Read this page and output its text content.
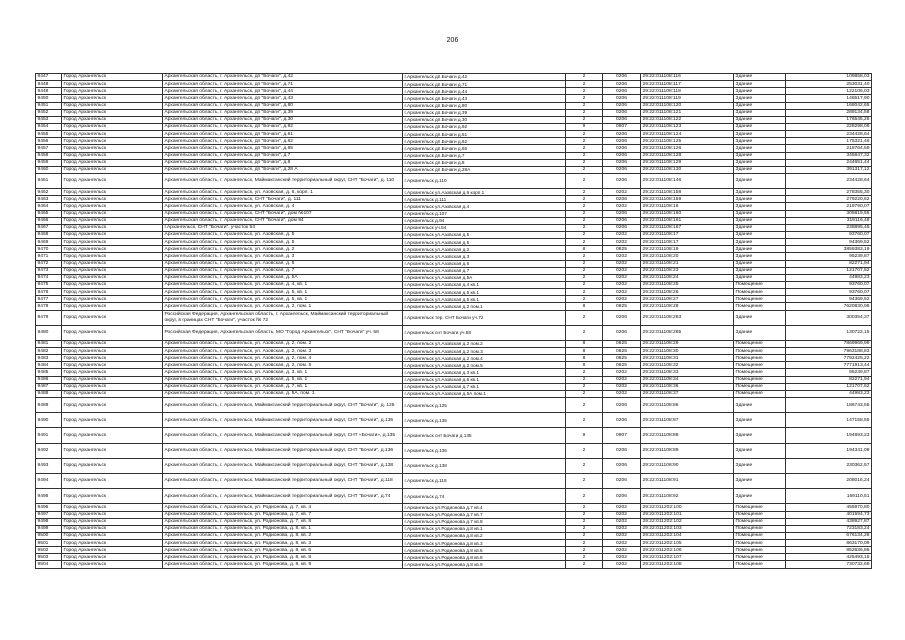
206
9447	Город Архангельск	Архангельская область, г. Архангельск, дп "Бочаги", д.42	г.Архангельск дп.Бочаги д.42	2	0206	29:22:011108:116	Здание	109858,03
9448	Город Архангельск	Архангельская область, г. Архангельск, дп "Бочаги", д.71	г.Архангельск дп.Бочаги д.71	2	0206	29:22:011108:117	Здание	253031,40
9449	Город Архангельск	Архангельская область, г. Архангельск, дп "Бочаги", д.44	г.Архангельск дп.Бочаги д.44	2	0206	29:22:011108:118	Здание	122106,03
9450	Город Архангельск	Архангельская область, г. Архангельск, дп "Бочаги", д.43	г.Архангельск дп.Бочаги д.43	2	0206	29:22:011108:119	Здание	146517,90
9451	Город Архангельск	Архангельская область, г. Архангельск, дп "Бочаги", д.80	г.Архангельск дп.Бочаги д.80	2	0206	29:22:011108:120	Здание	168042,65
9452	Город Архангельск	Архангельская область, г. Архангельск, дп "Бочаги", д.39	г.Архангельск дп.Бочаги д.39	2	0206	29:22:011108:121	Здание	289134,58
9453	Город Архангельск	Архангельская область, г. Архангельск, дп "Бочаги", д.30	г.Архангельск дп.Бочаги д.30	2	0206	29:22:011108:122	Здание	176545,25
9454	Город Архангельск	Архангельская область, г. Архангельск, дп "Бочаги", д.92	г.Архангельск дп.Бочаги д.92	9	0907	29:22:011108:123	Здание	228298,06
9455	Город Архангельск	Архангельская область, г. Архангельск, дп "Бочаги", д.61	г.Архангельск дп.Бочаги д.61	2	0206	29:22:011108:124	Здание	234428,64
9456	Город Архангельск	Архангельская область, г. Архангельск, дп "Бочаги", д.62	г.Архангельск дп.Бочаги д.62	2	0206	29:22:011108:125	Здание	175321,46
9457	Город Архангельск	Архангельская область, г. Архангельск, дп "Бочаги", д.65	г.Архангельск дп.Бочаги д.65	2	0206	29:22:011108:126	Здание	218764,59
9458	Город Архангельск	Архангельская область, г. Архангельск, дп "Бочаги", д.7	г.Архангельск дп.Бочаги д.7	2	0206	29:22:011108:128	Здание	345847,32
9459	Город Архангельск	Архангельская область, г. Архангельск, дп "Бочаги", д.8	г.Архангельск дп.Бочаги д.8	2	0206	29:22:011108:129	Здание	244651,44
9460	Город Архангельск	Архангельская область, г. Архангельск, дп "Бочаги", д.28 А	г.Архангельск дп.Бочаги д.28А	2	0206	29:22:011108:130	Здание	391317,12
9461	Город Архангельск	Архангельская область, г. Архангельск, Маймаксанский территориальный округ, СНТ "Бочаги", д. 110	г.Архангельск д.110	2	0206	29:22:011108:146	Здание	234428,64
9462	Город Архангельск	Архангельская область, г. Архангельск, ул. Азовская, д. 6, корп. 1	г.Архангельск ул.Азовская д.6 корп.1	2	0202	29:22:011108:158	Здание	278355,30
9463	Город Архангельск	Архангельская область, г. Архангельск, СНТ "Бочаги", д. 111	г.Архангельск д.111	2	0206	29:22:011108:159	Здание	279220,62
9464	Город Архангельск	Архангельская область, г. Архангельск, ул. Азовская, д. 4	г.Архангельск ул.Азовская д.4	2	0202	29:22:011108:16	Здание	219790,07
9465	Город Архангельск	Архангельская область, г. Архангельск, СНТ "Бочаги", дом №107	г.Архангельск д.107	2	0206	29:22:011108:160	Здание	305819,55
9466	Город Архангельск	Архангельская область, г. Архангельск, СНТ "Бочаги", дом 94	г.Архангельск д.94	2	0206	29:22:011108:161	Здание	319116,48
9467	Город Архангельск	г.Архангельск, СНТ "Бочаги", участок 54	г.Архангельск уч.54	2	0206	29:22:011108:167	Здание	238895,45
9468	Город Архангельск	Архангельская область, г. Архангельск, ул. Азовская, д. 5	г.Архангельск ул.Азовская д.5	2	0202	29:22:011108:17	Здание	93760,07
9469	Город Архангельск	Архангельская область, г. Архангельск, ул. Азовская, д. 5	г.Архангельск ул.Азовская д.5	2	0202	29:22:011108:17	Здание	94369,52
9470	Город Архангельск	Архангельская область, г. Архангельск, ул. Азовская, д. 2	г.Архангельск ул.Азовская д.2	8	0825	29:22:011108:19	Здание	3859383,19
9471	Город Архангельск	Архангельская область, г. Архангельск, ул. Азовская, д. 3	г.Архангельск ул.Азовская д.3	2	0202	29:22:011108:20	Здание	95239,87
9472	Город Архангельск	Архангельская область, г. Архангельск, ул. Азовская, д. 6	г.Архангельск ул.Азовская д.6	2	0202	29:22:011108:21	Здание	82271,94
9473	Город Архангельск	Архангельская область, г. Архангельск, ул. Азовская, д. 7	г.Архангельск ул.Азовская д.7	2	0202	29:22:011108:23	Здание	121707,52
9474	Город Архангельск	Архангельская область, г. Архангельск, ул. Азовская, д. 5А	г.Архангельск ул.Азовская д.5А	2	0202	29:22:011108:24	Здание	44983,23
9475	Город Архангельск	Архангельская область, г. Архангельск, ул. Азовская, д. 4, кв. 1	г.Архангельск ул.Азовская д.4 кв.1	2	0202	29:22:011108:25	Помещение	93760,07
9476	Город Архангельск	Архангельская область, г. Архангельск, ул. Азовская, д. 5, кв. 1	г.Архангельск ул.Азовская д.5 кв.1	2	0202	29:22:011108:26	Помещение	93760,07
9477	Город Архангельск	Архангельская область, г. Архангельск, ул. Азовская, д. 5, кв. 1	г.Архангельск ул.Азовская д.5 кв.1	2	0202	29:22:011108:27	Помещение	94369,52
9478	Город Архангельск	Архангельская область, г. Архангельск, ул. Азовская, д. 2, пом. 1	г.Архангельск ул.Азовская д.2 пом.1	8	0825	29:22:011108:28	Помещение	7620830,98
9479	Город Архангельск	Российская Федерация, Архангельская область, г. Архангельск, Маймаксанский территориальный округ, в границах СНТ "Бочаги", участок № 72	г.Архангельск тер. СНТ Бочаги уч.72	2	0206	29:22:011108:283	Здание	300354,37
9480	Город Архангельск	Российская Федерация, Архангельская область, МО "Город Архангельск", СНТ "Бочаги" уч. 58	г.Архангельск снт Бочаги уч.58	2	0206	29:22:011108:285	Здание	130722,15
9481	Город Архангельск	Архангельская область, г. Архангельск, ул. Азовская, д. 2, пом. 2	г.Архангельск ул.Азовская д.2 пом.2	8	0825	29:22:011108:29	Помещение	7869969,99
9482	Город Архангельск	Архангельская область, г. Архангельск, ул. Азовская, д. 2, пом. 3	г.Архангельск ул.Азовская д.2 пом.3	8	0825	29:22:011108:30	Помещение	7963188,83
9483	Город Архангельск	Архангельская область, г. Архангельск, ул. Азовская, д. 2, пом. 4	г.Архангельск ул.Азовская д.2 пом.4	8	0825	29:22:011108:31	Помещение	7792425,22
9484	Город Архангельск	Архангельская область, г. Архангельск, ул. Азовская, д. 2, пом. 5	г.Архангельск ул.Азовская д.2 пом.5	8	0825	29:22:011108:32	Помещение	7771913,44
9485	Город Архангельск	Архангельская область, г. Архангельск, ул. Азовская, д. 3, кв. 1	г.Архангельск ул.Азовская д.3 кв.1	2	0202	29:22:011108:33	Помещение	95239,87
9486	Город Архангельск	Архангельская область, г. Архангельск, ул. Азовская, д. 6, кв. 1	г.Архангельск ул.Азовская д.6 кв.1	2	0202	29:22:011108:34	Помещение	82271,94
9487	Город Архангельск	Архангельская область, г. Архангельск, ул. Азовская, д. 7, кв. 1	г.Архангельск ул.Азовская д.7 кв.1	2	0202	29:22:011108:36	Помещение	121707,52
9488	Город Архангельск	Архангельская область, г. Архангельск, ул. Азовская, д. 5А, пом. 1	г.Архангельск ул.Азовская д.5А пом.1	2	0202	29:22:011108:37	Помещение	44983,23
9489	Город Архангельск	Архангельская область, г. Архангельск, Маймаксанский территориальный округ, СНТ "Бочаги", д. 125	г.Архангельск д.125	2	0206	29:22:011108:86	Здание	186743,55
9490	Город Архангельск	Архангельская область, г. Архангельск, Маймаксанский территориальный округ, СНТ "Бочаги", д.135	г.Архангельск д.135	2	0206	29:22:011108:87	Здание	147158,55
9491	Город Архангельск	Архангельская область, г. Архангельск, Маймаксанский территориальный округ, СНТ «Бочаги», д.135	г.Архангельск снт Бочаги д.135	9	0907	29:22:011108:88	Здание	194893,23
9492	Город Архангельск	Архангельская область, г. Архангельск, Маймаксанский территориальный округ, СНТ "Бочаги", д.136	г.Архангельск д.136	2	0206	29:22:011108:89	Здание	194341,08
9493	Город Архангельск	Архангельская область, г. Архангельск, Маймаксанский территориальный округ, СНТ "Бочаги", д.138	г.Архангельск д.138	2	0206	29:22:011108:90	Здание	230362,57
9494	Город Архангельск	Архангельская область, г. Архангельск, Маймаксанский территориальный округ, СНТ "Бочаги", д.118	г.Архангельск д.118	2	0206	29:22:011108:91	Здание	208016,24
9495	Город Архангельск	Архангельская область, г. Архангельск, Маймаксанский территориальный округ, СНТ "Бочаги", д.74	г.Архангельск д.74	2	0206	29:22:011108:92	Здание	169110,51
9496	Город Архангельск	Архангельская область, г. Архангельск, ул. Родионова, д. 7, кв. 4	г.Архангельск ул.Родионова д.7 кв.4	2	0202	29:22:011202:100	Помещение	455970,80
9497	Город Архангельск	Архангельская область, г. Архангельск, ул. Родионова, д. 7, кв. 7	г.Архангельск ул.Родионова д.7 кв.7	2	0202	29:22:011202:101	Помещение	401594,73
9498	Город Архангельск	Архангельская область, г. Архангельск, ул. Родионова, д. 7, кв. 8	г.Архангельск ул.Родионова д.7 кв.8	2	0202	29:22:011202:102	Помещение	438927,87
9499	Город Архангельск	Архангельская область, г. Архангельск, ул. Родионова, д. 8, кв. 1	г.Архангельск ул.Родионова д.8 кв.1	2	0202	29:22:011202:103	Помещение	723183,24
9500	Город Архангельск	Архангельская область, г. Архангельск, ул. Родионова, д. 8, кв. 2	г.Архангельск ул.Родионова д.8 кв.2	2	0202	29:22:011202:104	Помещение	676134,28
9501	Город Архангельск	Архангельская область, г. Архангельск, ул. Родионова, д. 8, кв. 3	г.Архангельск ул.Родионова д.8 кв.3	2	0202	29:22:011202:105	Помещение	863170,09
9502	Город Архангельск	Архангельская область, г. Архангельск, ул. Родионова, д. 8, кв. 6	г.Архангельск ул.Родионова д.8 кв.6	2	0202	29:22:011202:106	Помещение	852636,85
9503	Город Архангельск	Архангельская область, г. Архангельск, ул. Родионова, д. 8, кв. 8	г.Архангельск ул.Родионова д.8 кв.8	2	0202	29:22:011202:107	Помещение	425493,15
9504	Город Архангельск	Архангельская область, г. Архангельск, ул. Родионова, д. 8, кв. 9	г.Архангельск ул.Родионова д.8 кв.9	2	0202	29:22:011202:108	Помещение	730732,69
